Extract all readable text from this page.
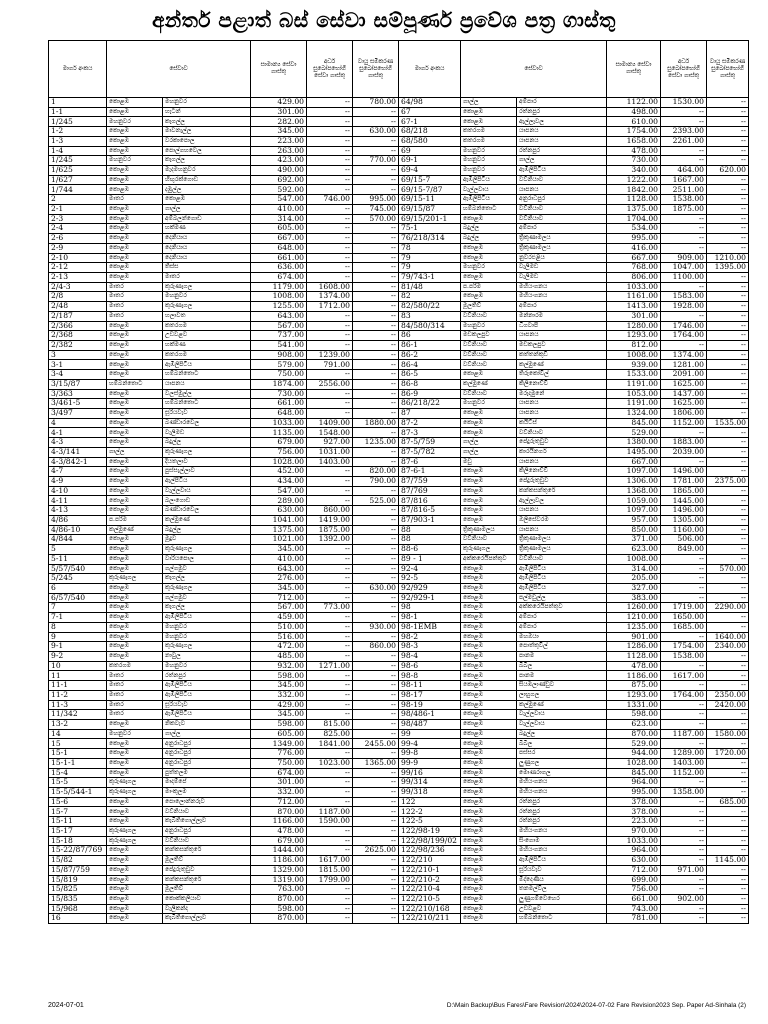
අන්තර් පළාත් බස් සේවා සම්පූර්ණ ප්‍රවේශ පත්‍ර ගාස්තු
මාර්ග අංකය	සේවාව		සාමාන්‍ය සේවා ගාස්තු	අර්ධ සුඛෝපභෝගී සේවා ගාස්තු	වායු සමීකරණ සුඛෝපභෝගී ගාස්තු
1	කොළඹ	මහනුවර	429.00	--	780.00
1-1	කොළඹ	හැටන්	301.00	--	--
1/245	මහනුවර	කෑගල්ල	282.00	--	--
1-2	කොළඹ	මාවනැල්ල	345.00	--	630.00
1-3	කොළඹ	වරකාපොල	223.00	--	--
1-4	කොළඹ	පොල්ගහවෙල	263.00	--	--
1/245	මහනුවර	කෑගල්ල	423.00	--	770.00
1/625	කොළඹ	මැදමහනුවර	490.00	--	--
1/627	කොළඹ	හිඟුරක්ගොඩ	692.00	--	--
1/744	කොළඹ	දඹුල්ල	592.00	--	--
2	මාතර	කොළඹ	547.00	746.00	995.00
2-1	කොළඹ	ගාල්ල	410.00	--	745.00
2-3	කොළඹ	අම්බලන්ගොඩ	314.00	--	570.00
2-4	කොළඹ	හක්මණ	605.00	--	--
2-6	කොළඹ	දෙනියාය	667.00	--	--
2-9	කොළඹ	දෙනියාය	648.00	--	--
2-10	කොළඹ	දෙනියාය	661.00	--	--
2-12	කොළඹ	තිස්ස	636.00	--	--
2-13	කොළඹ	මාතර	674.00	--	--
2/4-3	මාතර	කුරුණෑගල	1179.00	1608.00	--
2/8	මාතර	මහනුවර	1008.00	1374.00	--
2/48	මාතර	කුරුණෑගල	1255.00	1712.00	--
2/187	මාතර	හලාවත	643.00	--	--
2/366	කොළඹ	කතරගම	567.00	--	--
2/368	කොළඹ	උඩවළව	737.00	--	--
2/382	කොළඹ	හක්මණ	541.00	--	--
3	කොළඹ	කතරගම	908.00	1239.00	--
3-1	කොළඹ	ඇඹිලිපිටිය	579.00	791.00	--
3-4	කොළඹ	හම්බන්තොට	750.00	--	--
3/15/87	හම්බන්තොට	යාපනය	1874.00	2556.00	--
3/363	කොළඹ	වලස්මුල්ල	730.00	--	--
3/461-5	කොළඹ	හම්බන්තොට	661.00	--	--
3/497	කොළඹ	සූරියවැව	648.00	--	--
4	කොළඹ	බණ්ඩාරවෙල	1033.00	1409.00	1880.00
4-1	කොළඹ	වැලිමඩ	1135.00	1548.00	--
4-3	කොළඹ	බදුල්ල	679.00	927.00	1235.00
4-3/141	ගාල්ල	කුරුණෑගල	756.00	1031.00	--
4-3/842-1	කොළඹ	දියතලාව	1028.00	1403.00	--
4-7	කොළඹ	පුස්සැල්ලාව	452.00	--	820.00
4-9	කොළඹ	ඇල්පිටිය	434.00	--	790.00
4-10	කොළඹ	වැල්ලවාය	547.00	--	--
4-11	කොළඹ	බලංගොඩ	289.00	--	525.00
4-13	කොළඹ	බණ්ඩාරවෙල	630.00	860.00	--
4/86	ප.පරිම	කල්මුණේ	1041.00	1419.00	--
4/86-10	කල්මුණේ	බදුල්ල	1375.00	1875.00	--
4/844	කොළඹ	මූදුව	1021.00	1392.00	--
5	කොළඹ	කුරුණෑගල	345.00	--	--
5-11	කොළඹ	වාරියපොල	410.00	--	--
5/57/540	කොළඹ	ගල්ගමුව	643.00	--	--
5/245	කුරුණෑගල	කෑගල්ල	276.00	--	--
6	කොළඹ	කුරුණෑගල	345.00	--	630.00
6/57/540	කොළඹ	ගල්ගමුව	712.00	--	--
7	කොළඹ	කෑගල්ල	567.00	773.00	--
7-1	කොළඹ	ඇඹිලිපිටිය	459.00	--	--
8	කොළඹ	මහනුවර	510.00	--	930.00
9	කොළඹ	මහනුවර	516.00	--	--
9-1	කොළඹ	කුරුණෑගල	472.00	--	860.00
9-2	කොළඹ	නාවුල	485.00	--	--
10	කතරගම	මහනුවර	932.00	1271.00	--
11	මාතර	රත්නපුර	598.00	--	--
11-1	මාතර	ඇඹිලිපිටිය	345.00	--	--
11-2	මාතර	ඇඹිලිපිටිය	332.00	--	--
11-3	මාතර	සූරියවැව	429.00	--	--
11/342	මාතර	ඇඹිලිපිටිය	345.00	--	--
13-2	කොළඹ	නිකවැව	598.00	815.00	--
14	මහනුවර	ගාල්ල	605.00	825.00	--
15	කොළඹ	අනුරාධපුර	1349.00	1841.00	2455.00
15-1	කොළඹ	අනුරාධපුර	776.00	--	--
15-1-1	කොළඹ	අනුරාධපුර	750.00	1023.00	1365.00
15-4	කොළඹ	පුත්තලම	674.00	--	--
15-5	කුරුණෑගල	මාදම්පේ	301.00	--	--
15-5/544-1	කුරුණෑගල	මාංකුලම	332.00	--	--
15-6	කොළඹ	පොලොන්නරුව	712.00	--	--
15-7	කොළඹ	වව්නියාව	870.00	1187.00	--
15-11	කොළඹ	කැබිතිගොල්ලෑව	1166.00	1590.00	--
15-17	කුරුණෑගල	අනුරාධපුර	478.00	--	--
15-18	කුරුණෑගල	වව්නියාව	679.00	--	--
15-22/87/769	කොළඹ	කන්කසන්තුරේ	1444.00	--	2625.00
15/82	කොළඹ	මූලතිව්	1186.00	1617.00	--
15/87/759	කොළඹ	පේදුරුතුඩුව	1329.00	1815.00	--
15/819	කොළඹ	කන්කසන්තුරේ	1319.00	1799.00	--
15/825	කොළඹ	මූලතිව්	763.00	--	--
15/835	කොළඹ	කොක්කලියාව	870.00	--	--
15/968	කොළඹ	වැලිකන්ද	598.00	--	--
16	කොළඹ	කැබිතිගොල්ලෑව	870.00	--	--
මාර්ග අංකය	සේවාව		සාමාන්‍ය සේවා ගාස්තු	අර්ධ සුඛෝපභෝගී සේවා ගාස්තු	වායු සමීකරණ සුඛෝපභෝගී ගාස්තු
64/98	ගාල්ල	අම්පාර	1122.00	1530.00	--
67	කොළඹ	රත්නපුර	498.00	--	--
67-1	කොළඹ	ඇල්ලෑවල	610.00	--	--
68/218	කතරගම	යාපනය	1754.00	2393.00	--
68/580	කතරගම	යාපනය	1658.00	2261.00	--
69	මහනුවර	රත්නපුර	478.00	--	--
69-1	මහනුවර	ගාල්ල	730.00	--	--
69-4	මහනුවර	ඇඹිලිපිටිය	340.00	464.00	620.00
69/15-7	ඇඹිලිපිටිය	වව්නියාව	1222.00	1667.00	--
69/15-7/87	වැල්ලවාය	යාපනය	1842.00	2511.00	--
69/15-11	ඇඹිලිපිටිය	අනුරාධපුර	1128.00	1538.00	--
69/15/87	හම්බන්තොට	වව්නියාව	1375.00	1875.00	--
69/15/201-1	කොළඹ	වව්නියාව	1704.00	--	--
75-1	බදුල්ල	අම්පාර	534.00	--	--
76/218/314	බදුල්ල	ත්‍රිකුණාමලය	995.00	--	--
78	කොළඹ	ත්‍රිකුණාමලය	416.00	--	--
79	කොළඹ	නුවරඑළිය	667.00	909.00	1210.00
79	මහනුවර	වැලිමඩ	768.00	1047.00	1395.00
79/743-1	කොළඹ	වැලිමඩ	806.00	1100.00	--
81/48	ප.පරිම	මහියංගනය	1033.00	--	--
82	කොළඹ	මහියංගනය	1161.00	1583.00	--
82/580/22	මූලතිව්	අම්පාර	1413.00	1928.00	--
83	වව්නියාව	මන්නාරම	301.00	--	--
84/580/314	මහනුවර	ධිගවාපි	1280.00	1746.00	--
86	මඩකලපුව	යාපනය	1293.00	1764.00	--
86-1	වව්නියාව	මඩකලපුව	812.00	--	--
86-2	වව්නියාව	කත්තන්කුඩි	1008.00	1374.00	--
86-4	වව්නියාව	කල්මුණේ	939.00	1281.00	--
86-5	කොළඹ	තිරුකෝවිල්	1533.00	2091.00	--
86-8	කල්මුණේ	කිලිනොච්චි	1191.00	1625.00	--
86-9	වව්නියාව	මරුදමුනේ	1053.00	1437.00	--
86/218/22	මහනුවර	යාපනය	1191.00	1625.00	--
87	කොළඹ	යාපනය	1324.00	1806.00	--
87-2	කොළඹ	කයිට්ස්	845.00	1152.00	1535.00
87-3	කොළඹ	වව්නියාව	529.00	--	--
87-5/759	ගාල්ල	පේදුරුතුඩුව	1380.00	1883.00	--
87-5/782	ගාල්ල	කාරයිනගර්	1495.00	2039.00	--
87-6	මඩු	යාපනය	667.00	--	--
87-6-1	කොළඹ	කිලිනොච්චි	1097.00	1496.00	--
87/759	කොළඹ	පේදුරුතුඩුව	1306.00	1781.00	2375.00
87/769	කොළඹ	කන්කසන්තුරේ	1368.00	1865.00	--
87/816	කොළඹ	ඇල්ලෑවල	1059.00	1445.00	--
87/816-5	කොළඹ	යාපනය	1097.00	1496.00	--
87/903-1	කොළඹ	ඔලිසේවරම	957.00	1305.00	--
88	ත්‍රිකුණාමලය	යාපනය	850.00	1160.00	--
88	වව්නියාව	ත්‍රිකුණාමලය	371.00	506.00	--
88-6	කුරුණෑගල	ත්‍රිකුණාමලය	623.00	849.00	--
89 - 1	අක්කරෙයිපත්තුව	වව්නියාව	1008.00	--	--
92-4	කොළඹ	ඇඹිලිපිටිය	314.00	--	570.00
92-5	කොළඹ	ඇඹිලිපිටිය	205.00	--	--
92/929	කොළඹ	ඇඹිලිපිටිය	327.00	--	--
92/929-1	කොළඹ	පල්මඩුල්ල	383.00	--	--
98	කොළඹ	අක්කරෙයිපත්තුව	1260.00	1719.00	2290.00
98-1	කොළඹ	අම්පාර	1210.00	1650.00	--
98-1EMB	කොළඹ	අම්පාර	1235.00	1685.00	--
98-2	කොළඹ	මහඔයා	901.00	--	1640.00
98-3	කොළඹ	පොත්තුවිල්	1286.00	1754.00	2340.00
98-4	කොළඹ	පානම	1128.00	1538.00	--
98-6	කොළඹ	බිබිල	478.00	--	--
98-8	කොළඹ	පානම	1186.00	1617.00	--
98-11	කොළඹ	සියඹලාණ්ඩුව	875.00	--	--
98-17	කොළඹ	ලාහුගල	1293.00	1764.00	2350.00
98-19	කොළඹ	කල්මුණේ	1331.00	--	2420.00
98/486-1	කොළඹ	වැල්ලවාය	598.00	--	--
98/487	කොළඹ	වැල්ලවාය	623.00	--	--
99	කොළඹ	බදුල්ල	870.00	1187.00	1580.00
99-4	කොළඹ	බිබිල	529.00	--	--
99-8	කොළඹ	පස්සර	944.00	1289.00	1720.00
99-9	කොළඹ	ලුණුගල	1028.00	1403.00	--
99/16	කොළඹ	මොණරාගල	845.00	1152.00	--
99/314	කොළඹ	මහියංගනය	964.00	--	--
99/318	කොළඹ	මහියංගනය	995.00	1358.00	--
122	කොළඹ	රත්නපුර	378.00	--	685.00
122-2	කොළඹ	රත්නපුර	378.00	--	--
122-5	කොළඹ	රත්නපුර	223.00	--	--
122/98-19	කොළඹ	මහියංගනය	970.00	--	--
122/98/199/02	කොළඹ	සිංගොම	1033.00	--	--
122/98/236	කොළඹ	මහියංගනය	964.00	--	--
122/210	කොළඹ	ඇඹිලිපිටිය	630.00	--	1145.00
122/210-1	කොළඹ	සූරියවැව	712.00	971.00	--
122/210-2	කොළඹ	මිද්දෙණිය	699.00	--	--
122/210-4	කොළඹ	තනමල්විල	756.00	--	--
122/210-5	කොළඹ	ලුණුගම්වෙහෙර	661.00	902.00	--
122/210/168	කොළඹ	උඩවළව	743.00	--	--
122/210/211	කොළඹ	හම්බන්තොට	781.00	--	--
2024-07-01	D:\Main Backup\Bus Fares\Fare Revision\2024\2024-07-02 Fare Revision2023 Sep. Paper Ad-Sinhala (2)
